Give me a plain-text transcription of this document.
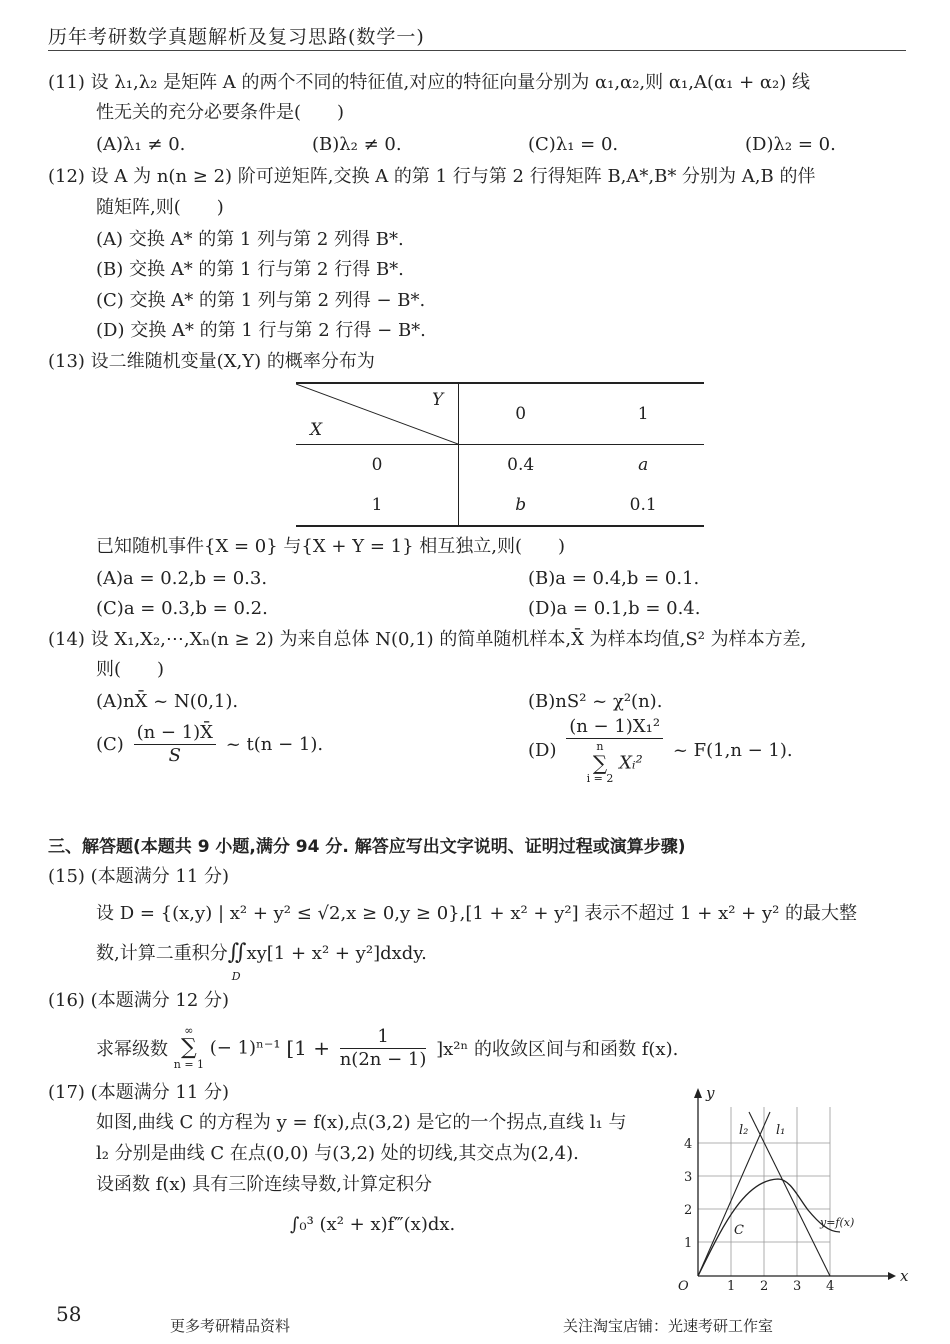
历年考研数学真题解析及复习思路(数学一)
(11) 设 λ₁,λ₂ 是矩阵 A 的两个不同的特征值,对应的特征向量分别为 α₁,α₂,则 α₁,A(α₁ + α₂) 线
性无关的充分必要条件是(　　)
(A)λ₁ ≠ 0.	(B)λ₂ ≠ 0.	(C)λ₁ = 0.	(D)λ₂ = 0.
(12) 设 A 为 n(n ≥ 2) 阶可逆矩阵,交换 A 的第 1 行与第 2 行得矩阵 B,A*,B* 分别为 A,B 的伴
随矩阵,则(　　)
(A) 交换 A* 的第 1 列与第 2 列得 B*.
(B) 交换 A* 的第 1 行与第 2 行得 B*.
(C) 交换 A* 的第 1 列与第 2 列得 − B*.
(D) 交换 A* 的第 1 行与第 2 行得 − B*.
(13) 设二维随机变量(X,Y) 的概率分布为
Y
X	0	1
0	0.4	a
1	b	0.1
已知随机事件{X = 0} 与{X + Y = 1} 相互独立,则(　　)
(A)a = 0.2,b = 0.3.	(B)a = 0.4,b = 0.1.
(C)a = 0.3,b = 0.2.	(D)a = 0.1,b = 0.4.
(14) 设 X₁,X₂,⋯,Xₙ(n ≥ 2) 为来自总体 N(0,1) 的简单随机样本,X̄ 为样本均值,S² 为样本方差,
则(　　)
(A)nX̄ ~ N(0,1).	(B)nS² ~ χ²(n).
$(C) \frac{(n - 1)X̄}{S}$ ~ t(n − 1).	(D) (n − 1)X₁²
n
∑
i = 2
Xᵢ² ~ F(1,n − 1).
三、解答题(本题共 9 小题,满分 94 分. 解答应写出文字说明、证明过程或演算步骤)
(15) (本题满分 11 分)
设 D = {(x,y) | x² + y² ≤ √2,x ≥ 0,y ≥ 0},[1 + x² + y²] 表示不超过 1 + x² + y² 的最大整
数,计算二重积分∬
D
xy[1 + x² + y²]dxdy.
(16) (本题满分 12 分)
求幂级数
∞
∑
n = 1
(− 1)ⁿ⁻¹ $[1 + \frac{1}{n(2n - 1)} ]x^{2n}$ 的收敛区间与和函数 f(x).
(17) (本题满分 11 分)
如图,曲线 C 的方程为 y = f(x),点(3,2) 是它的一个拐点,直线 l₁ 与
l₂ 分别是曲线 C 在点(0,0) 与(3,2) 处的切线,其交点为(2,4).
设函数 f(x) 具有三阶连续导数,计算定积分
∫₀³ (x² + x)f‴(x)dx.
x
y
O	1 2 3 4
1
2
3
4
l₂ l₁
C
y=f(x)
58	更多考研精品资料	关注淘宝店铺：光速考研工作室
